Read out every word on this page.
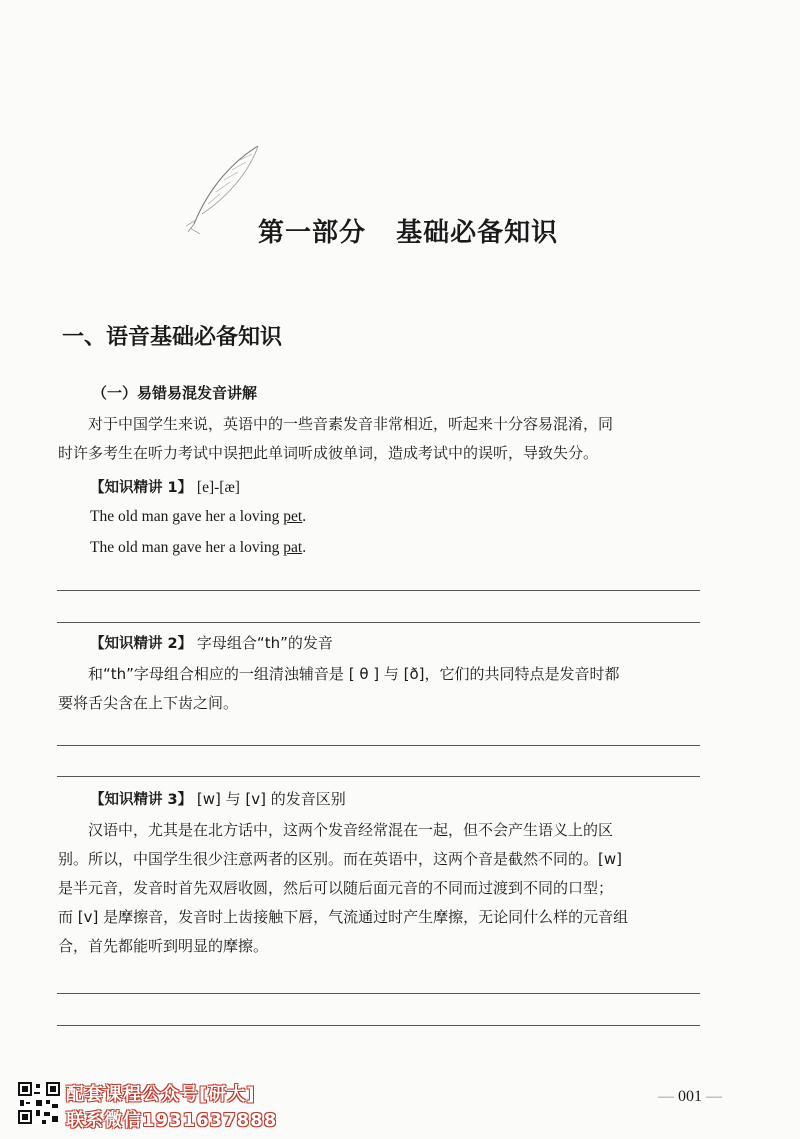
第一部分   基础必备知识
一、语音基础必备知识
（一）易错易混发音讲解
对于中国学生来说，英语中的一些音素发音非常相近，听起来十分容易混淆，同
时许多考生在听力考试中误把此单词听成彼单词，造成考试中的误听，导致失分。
【知识精讲 1】 [e]-[æ]
The old man gave her a loving pet.
The old man gave her a loving pat.
【知识精讲 2】 字母组合“th”的发音
和“th”字母组合相应的一组清浊辅音是 [ θ ] 与 [ð]，它们的共同特点是发音时都
要将舌尖含在上下齿之间。
【知识精讲 3】 [w] 与 [v] 的发音区别
汉语中，尤其是在北方话中，这两个发音经常混在一起，但不会产生语义上的区
别。所以，中国学生很少注意两者的区别。而在英语中，这两个音是截然不同的。[w]
是半元音，发音时首先双唇收圆，然后可以随后面元音的不同而过渡到不同的口型；
而 [v] 是摩擦音，发音时上齿接触下唇，气流通过时产生摩擦，无论同什么样的元音组
合，首先都能听到明显的摩擦。
配套课程公众号[研大]
联系微信1931637888
— 001 —
